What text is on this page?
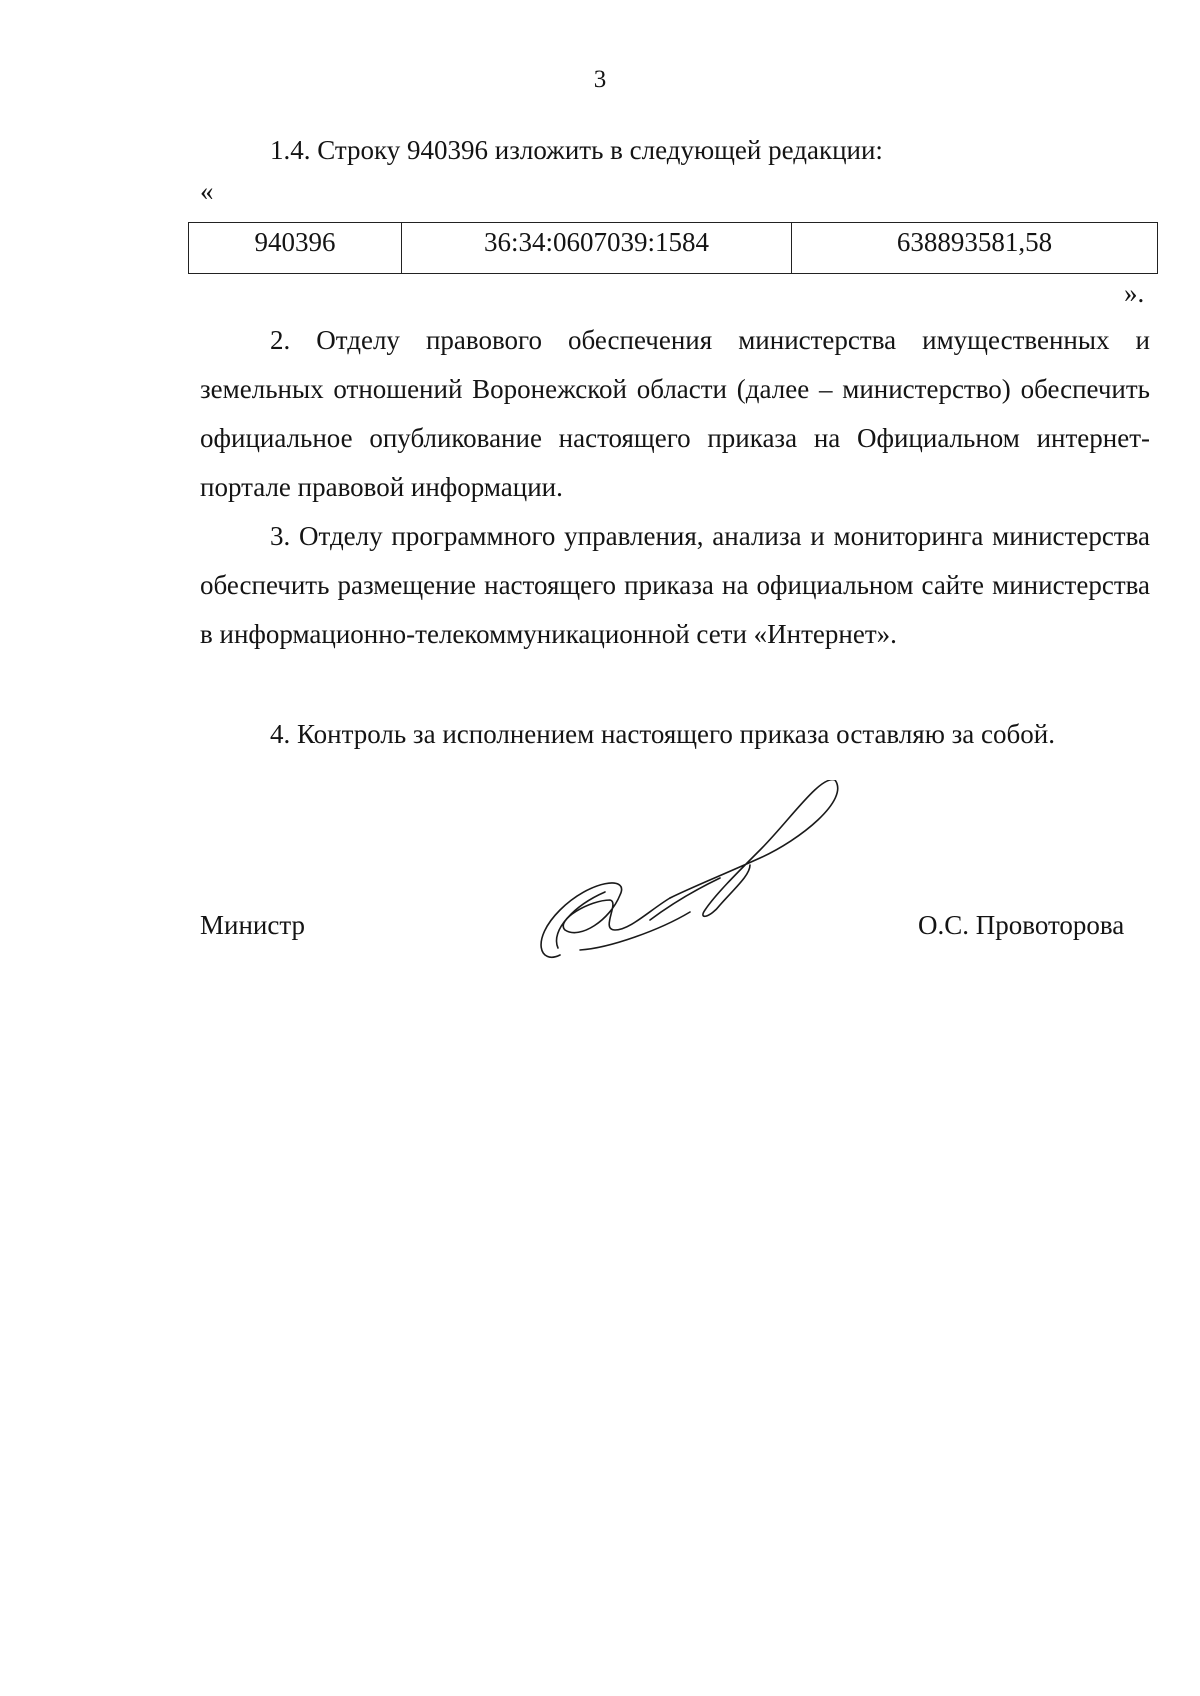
3

1.4. Строку 940396 изложить в следующей редакции:

«
940396	36:34:0607039:1584	638893581,58
».

2. Отделу правового обеспечения министерства имущественных и земельных отношений Воронежской области (далее – министерство) обеспечить официальное опубликование настоящего приказа на Официальном интернет-портале правовой информации.

3. Отделу программного управления, анализа и мониторинга министерства обеспечить размещение настоящего приказа на официальном сайте министерства в информационно-телекоммуникационной сети «Интернет».

4. Контроль за исполнением настоящего приказа оставляю за собой.

Министр	О.С. Провоторова
